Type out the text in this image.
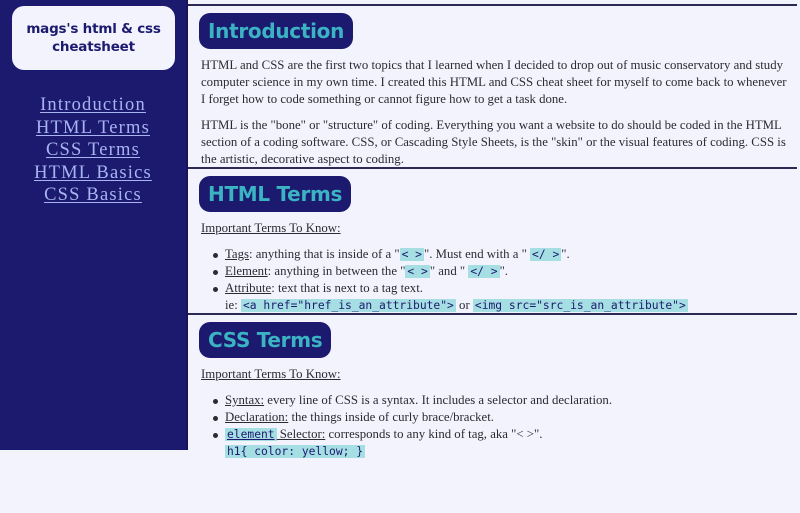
mags's html & css cheatsheet
Introduction
HTML Terms
CSS Terms
HTML Basics
CSS Basics
Introduction

HTML and CSS are the first two topics that I learned when I decided to drop out of music conservatory and study computer science in my own time. I created this HTML and CSS cheat sheet for myself to come back to whenever I forget how to code something or cannot figure how to get a task done.

HTML is the "bone" or "structure" of coding. Everything you want a website to do should be coded in the HTML section of a coding software. CSS, or Cascading Style Sheets, is the "skin" or the visual features of coding. CSS is the artistic, decorative aspect to coding.

HTML Terms
Important Terms To Know:
Tags: anything that is inside of a " < > ". Must end with a " </ > ".
Element: anything in between the " < > " and " </ > ".
Attribute: text that is next to a tag text.
ie: <a href="href_is_an_attribute"> or <img src="src_is_an_attribute">
CSS Terms
Important Terms To Know:
Syntax: every line of CSS is a syntax. It includes a selector and declaration.
Declaration: the things inside of curly brace/bracket.
element Selector: corresponds to any kind of tag, aka "< >".
h1{ color: yellow; }
